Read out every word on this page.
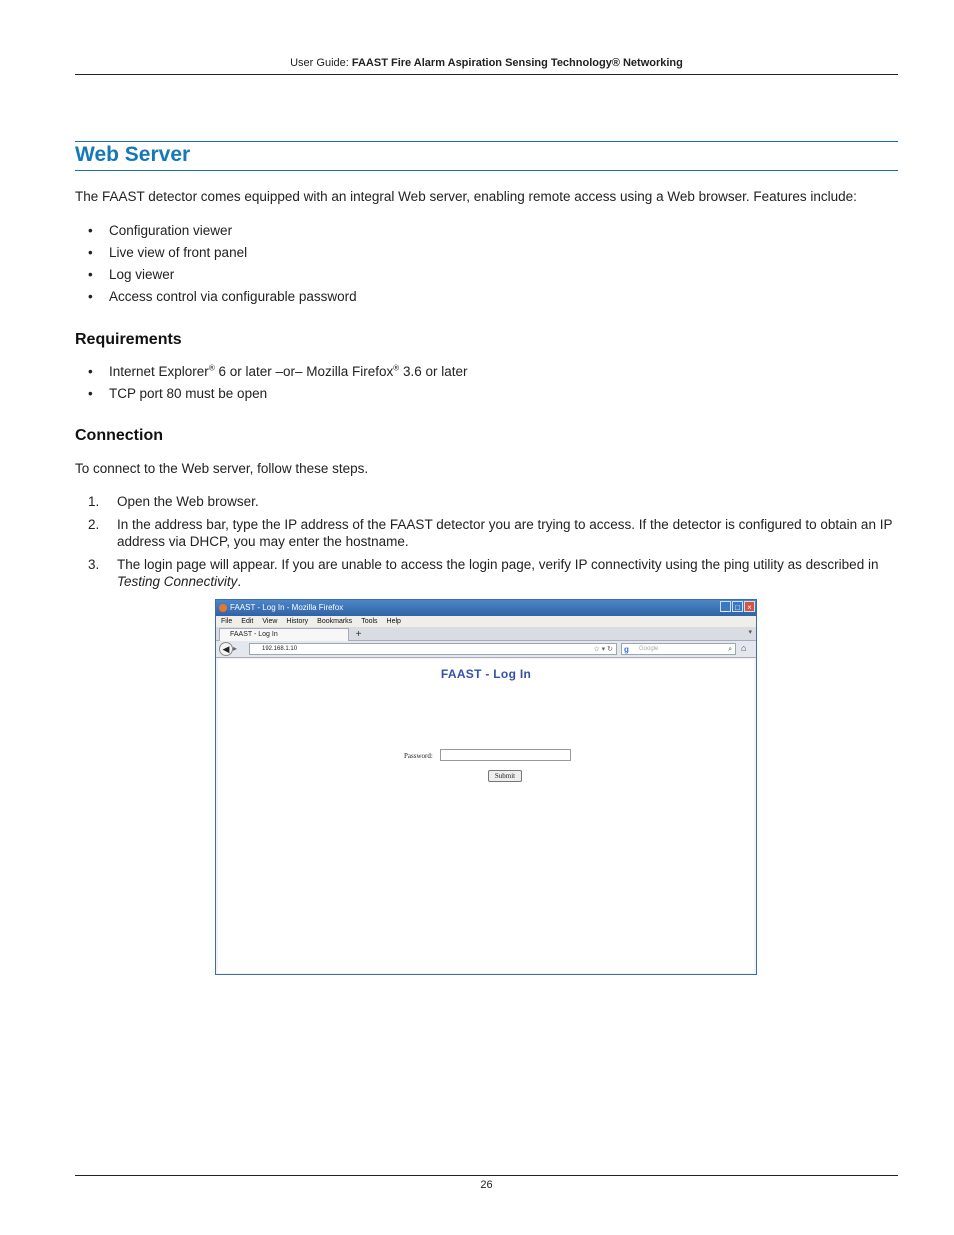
User Guide: FAAST Fire Alarm Aspiration Sensing Technology® Networking
Web Server

The FAAST detector comes equipped with an integral Web server, enabling remote access using a Web browser. Features include:

• Configuration viewer
• Live view of front panel
• Log viewer
• Access control via configurable password
Requirements
• Internet Explorer® 6 or later –or– Mozilla Firefox® 3.6 or later
• TCP port 80 must be open
Connection

To connect to the Web server, follow these steps.

1. Open the Web browser.
2. In the address bar, type the IP address of the FAAST detector you are trying to access. If the detector is configured to obtain an IP address via DHCP, you may enter the hostname.
3. The login page will appear. If you are unable to access the login page, verify IP connectivity using the ping utility as described in Testing Connectivity.
FAAST - Log In - Mozilla Firefox	_ □ ×
File Edit View History Bookmarks Tools Help
FAAST - Log In	+	▾
◀ ▸	192.168.1.10	☆ ▾ ↻ g Google	⌕ ⌂
FAAST - Log In
Password:
Submit
26
